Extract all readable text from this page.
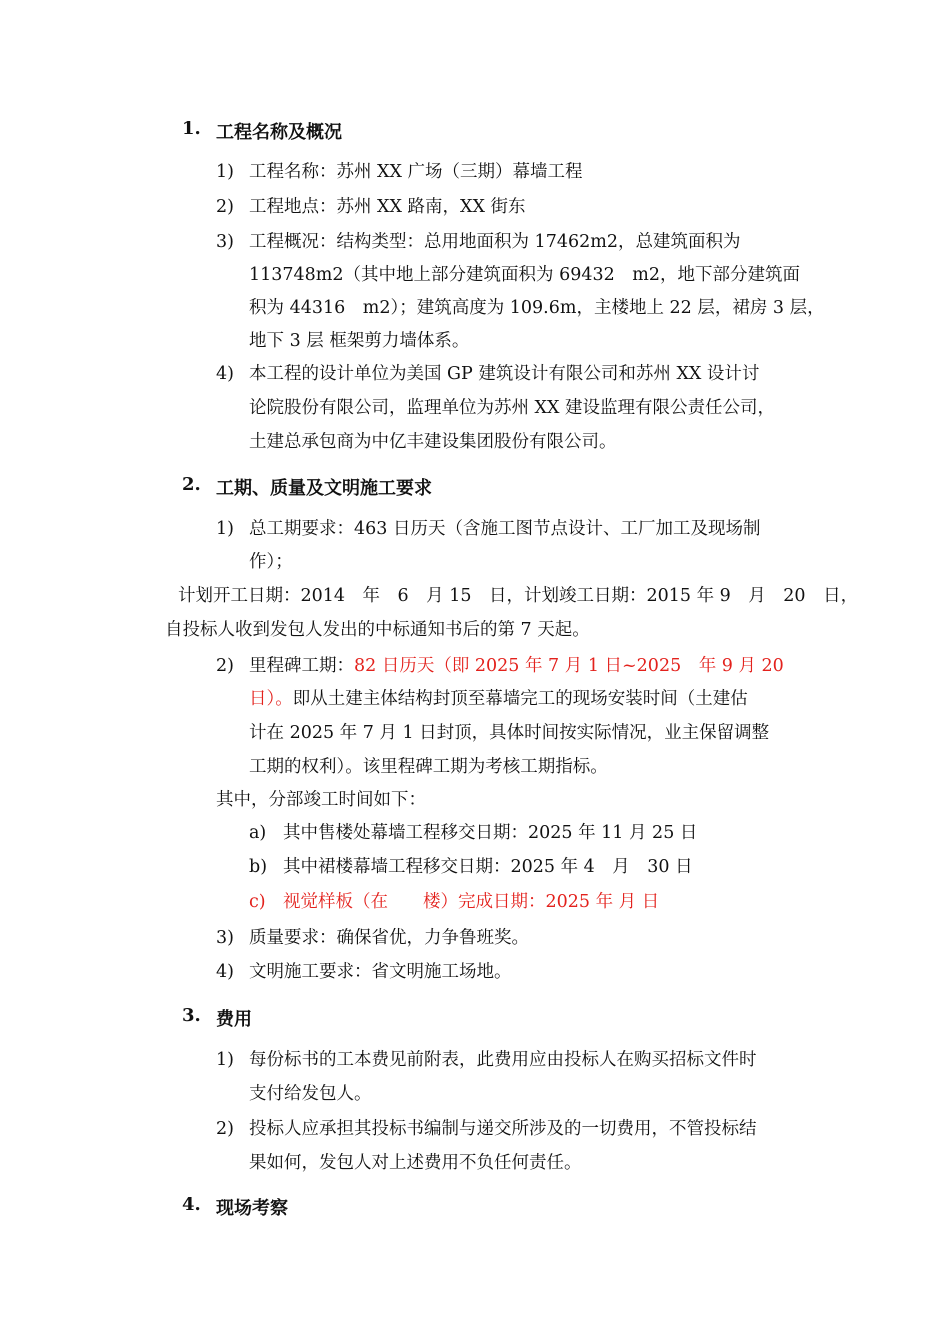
1. 工程名称及概况
1) 工程名称：苏州 XX 广场（三期）幕墙工程
2) 工程地点：苏州 XX 路南，XX 街东
3) 工程概况：结构类型：总用地面积为 17462m2，总建筑面积为
113748m2（其中地上部分建筑面积为 69432　m2，地下部分建筑面
积为 44316　m2）；建筑高度为 109.6m，主楼地上 22 层，裙房 3 层，
地下 3 层 框架剪力墙体系。
4) 本工程的设计单位为美国 GP 建筑设计有限公司和苏州 XX 设计讨
论院股份有限公司，监理单位为苏州 XX 建设监理有限公责任公司，
土建总承包商为中亿丰建设集团股份有限公司。
2. 工期、质量及文明施工要求
1) 总工期要求：463 日历天（含施工图节点设计、工厂加工及现场制
作）；
计划开工日期：2014　年　6　月 15　日，计划竣工日期：2015 年 9　月　20　日，
自投标人收到发包人发出的中标通知书后的第 7 天起。
2) 里程碑工期：82 日历天（即 2025 年 7 月 1 日~2025　年 9 月 20
日）。即从土建主体结构封顶至幕墙完工的现场安装时间（土建估
计在 2025 年 7 月 1 日封顶，具体时间按实际情况，业主保留调整
工期的权利）。该里程碑工期为考核工期指标。
其中，分部竣工时间如下：
a) 其中售楼处幕墙工程移交日期：2025 年 11 月 25 日
b) 其中裙楼幕墙工程移交日期：2025 年 4　月　30 日
c) 视觉样板（在　　楼）完成日期：2025 年 月 日
3) 质量要求：确保省优，力争鲁班奖。
4) 文明施工要求：省文明施工场地。
3. 费用
1) 每份标书的工本费见前附表，此费用应由投标人在购买招标文件时
支付给发包人。
2) 投标人应承担其投标书编制与递交所涉及的一切费用，不管投标结
果如何，发包人对上述费用不负任何责任。
4. 现场考察
